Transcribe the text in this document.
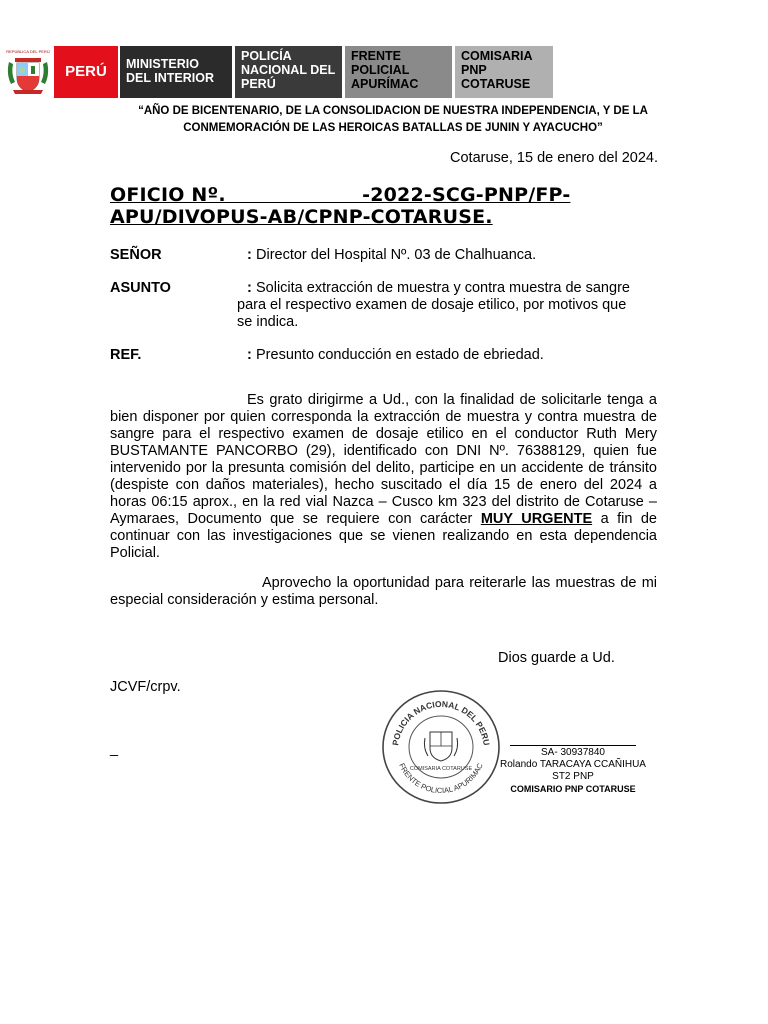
REPÚBLICA DEL PERÚ
PERÚ	MINISTERIO DEL INTERIOR
POLICÍA NACIONAL DEL PERÚ
FRENTE POLICIAL APURÍMAC
COMISARIA PNP COTARUSE
“AÑO DE BICENTENARIO, DE LA CONSOLIDACION DE NUESTRA INDEPENDENCIA, Y DE LA
CONMEMORACIÓN DE LAS HEROICAS BATALLAS DE JUNIN Y AYACUCHO”
Cotaruse, 15 de enero del 2024.
OFICIO Nº.                    -2022-SCG-PNP/FP-
APU/DIVOPUS-AB/CPNP-COTARUSE.
SEÑOR	: Director del Hospital Nº. 03 de Chalhuanca.
ASUNTO	: Solicita extracción de muestra y contra muestra de sangre
para el respectivo examen de dosaje etilico, por motivos que
se indica.
REF.	: Presunto conducción en estado de ebriedad.
Es grato dirigirme a Ud., con la finalidad de solicitarle tenga a bien disponer por quien corresponda la extracción de muestra y contra muestra de sangre para el respectivo examen de dosaje etilico en el conductor Ruth Mery BUSTAMANTE PANCORBO (29), identificado con DNI Nº. 76388129, quien fue intervenido por la presunta comisión del delito, participe en un accidente de tránsito (despiste con daños materiales), hecho suscitado el día 15 de enero del 2024 a horas 06:15 aprox., en la red vial Nazca – Cusco km 323 del distrito de Cotaruse – Aymaraes, Documento que se requiere con carácter MUY URGENTE a fin de continuar con las investigaciones que se vienen realizando en esta dependencia Policial.
Aprovecho la oportunidad para reiterarle las muestras de mi especial consideración y estima personal.
Dios guarde a Ud.
JCVF/crpv.
_	POLICIA NACIONAL DEL PERU
FRENTE POLICIAL APURIMAC
COMISARIA COTARUSE
SA- 30937840
Rolando TARACAYA CCAÑIHUA
ST2 PNP
COMISARIO PNP COTARUSE
